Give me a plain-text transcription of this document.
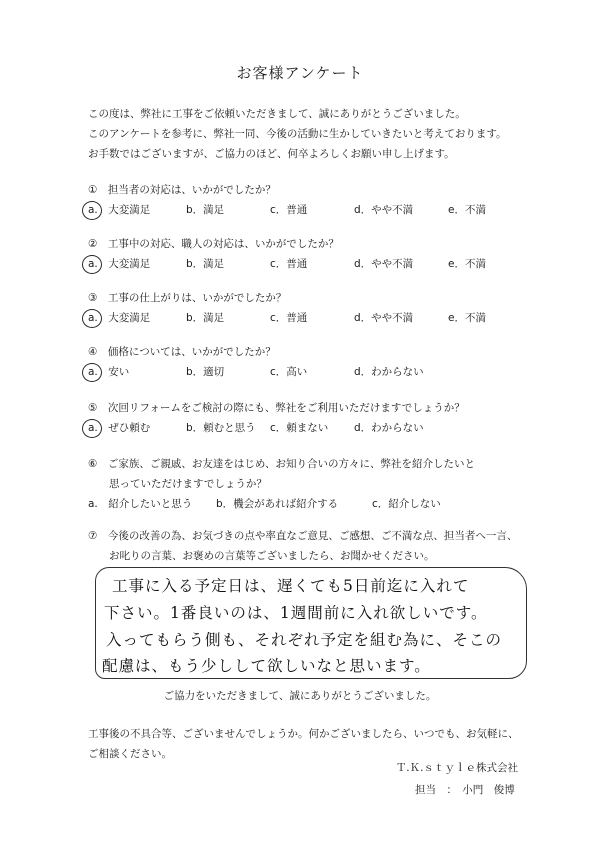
お客様アンケート
この度は、弊社に工事をご依頼いただきまして、誠にありがとうございました。
このアンケートを参考に、弊社一同、今後の活動に生かしていきたいと考えております。
お手数ではございますが、ご協力のほど、何卒よろしくお願い申し上げます。
①　担当者の対応は、いかがでしたか？
a.　大変満足	b．満足	c．普通	d．やや不満	e．不満
②　工事中の対応、職人の対応は、いかがでしたか？
a.　大変満足	b．満足	c．普通	d．やや不満	e．不満
③　工事の仕上がりは、いかがでしたか？
a.　大変満足	b．満足	c．普通	d．やや不満	e．不満
④　価格については、いかがでしたか？
a.　安い	b．適切	c．高い	d．わからない
⑤　次回リフォームをご検討の際にも、弊社をご利用いただけますでしょうか？
a.　ぜひ頼む	b．頼むと思う c．頼まない d．わからない
⑥　ご家族、ご親戚、お友達をはじめ、お知り合いの方々に、弊社を紹介したいと
　　思っていただけますでしょうか？
a.　紹介したいと思う b．機会があれば紹介する	c．紹介しない
⑦　今後の改善の為、お気づきの点や率直なご意見、ご感想、ご不満な点、担当者へ一言、
　　お叱りの言葉、お褒めの言葉等ございましたら、お聞かせください。
工事に入る予定日は、遅くても5日前迄に入れて
下さい。1番良いのは、1週間前に入れ欲しいです。
入ってもらう側も、それぞれ予定を組む為に、そこの
配慮は、もう少しして欲しいなと思います。
ご協力をいただきまして、誠にありがとうございました。
工事後の不具合等、ございませんでしょうか。何かございましたら、いつでも、お気軽に、
ご相談ください。
Ｔ.Ｋ.ｓｔｙｌｅ株式会社
担当　：　小門　俊博
